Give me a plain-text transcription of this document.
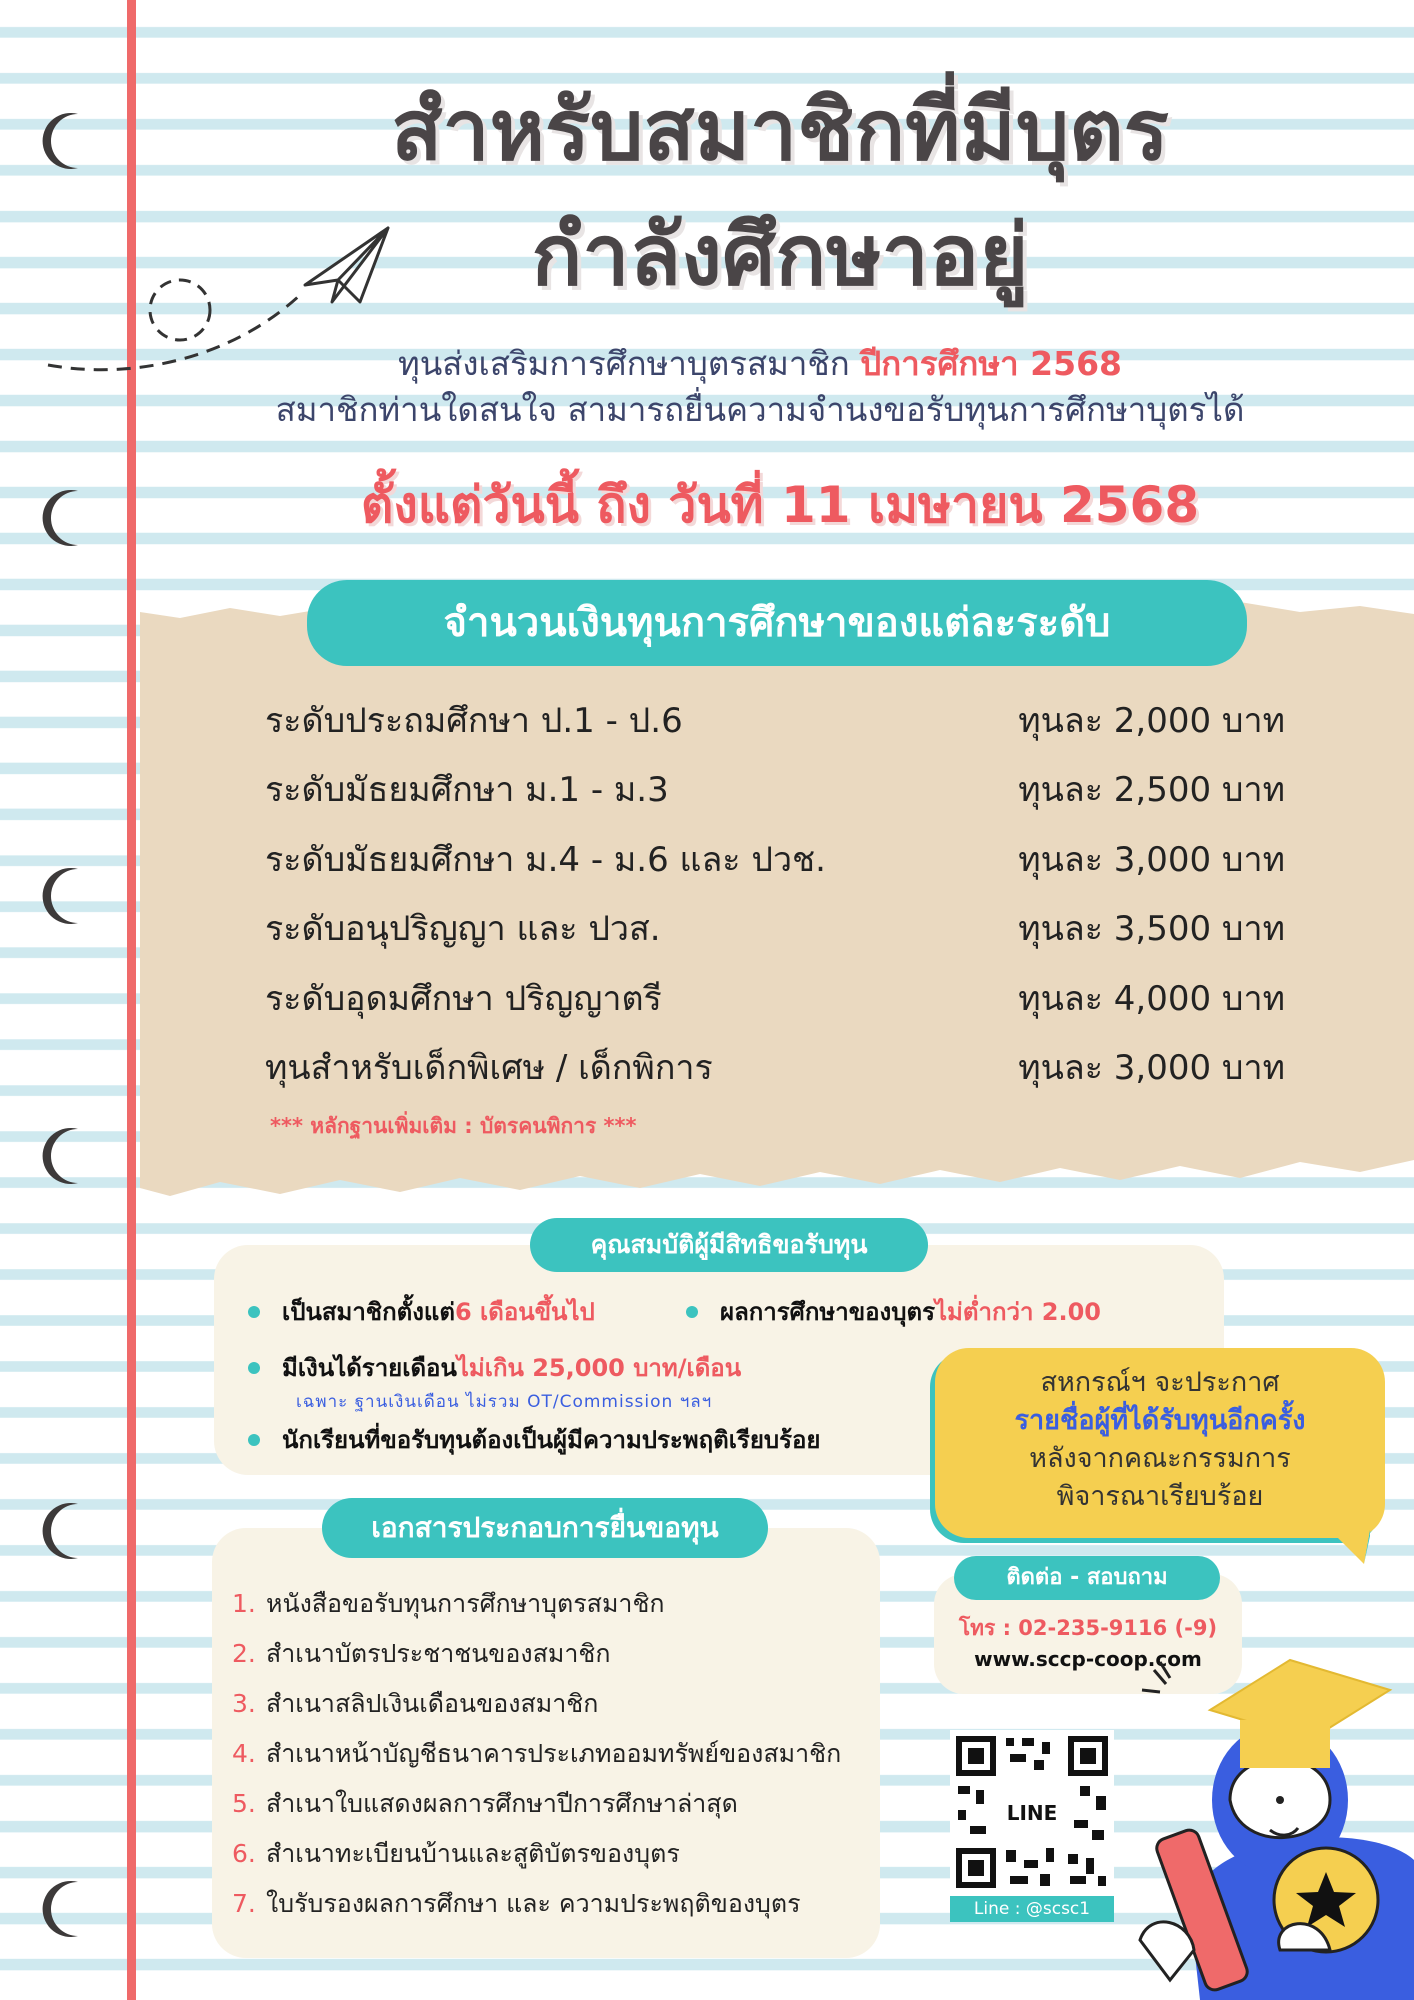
สำหรับสมาชิกที่มีบุตร
กำลังศึกษาอยู่
ทุนส่งเสริมการศึกษาบุตรสมาชิก ปีการศึกษา 2568
สมาชิกท่านใดสนใจ สามารถยื่นความจำนงขอรับทุนการศึกษาบุตรได้
ตั้งแต่วันนี้ ถึง วันที่ 11 เมษายน 2568
จำนวนเงินทุนการศึกษาของแต่ละระดับ
ระดับประถมศึกษา ป.1 - ป.6	ทุนละ 2,000 บาท
ระดับมัธยมศึกษา ม.1 - ม.3	ทุนละ 2,500 บาท
ระดับมัธยมศึกษา ม.4 - ม.6 และ ปวช.	ทุนละ 3,000 บาท
ระดับอนุปริญญา และ ปวส.	ทุนละ 3,500 บาท
ระดับอุดมศึกษา ปริญญาตรี	ทุนละ 4,000 บาท
ทุนสำหรับเด็กพิเศษ / เด็กพิการ	ทุนละ 3,000 บาท
*** หลักฐานเพิ่มเติม : บัตรคนพิการ ***
คุณสมบัติผู้มีสิทธิขอรับทุน
เป็นสมาชิกตั้งแต่ 6 เดือนขึ้นไป	ผลการศึกษาของบุตร ไม่ต่ำกว่า 2.00
มีเงินได้รายเดือน ไม่เกิน 25,000 บาท/เดือน
เฉพาะ ฐานเงินเดือน ไม่รวม OT/Commission ฯลฯ
นักเรียนที่ขอรับทุนต้องเป็นผู้มีความประพฤติเรียบร้อย
สหกรณ์ฯ จะประกาศ
รายชื่อผู้ที่ได้รับทุนอีกครั้ง
หลังจากคณะกรรมการ
พิจารณาเรียบร้อย
เอกสารประกอบการยื่นขอทุน
1. หนังสือขอรับทุนการศึกษาบุตรสมาชิก
2. สำเนาบัตรประชาชนของสมาชิก
3. สำเนาสลิปเงินเดือนของสมาชิก
4. สำเนาหน้าบัญชีธนาคารประเภทออมทรัพย์ของสมาชิก
5. สำเนาใบแสดงผลการศึกษาปีการศึกษาล่าสุด
6. สำเนาทะเบียนบ้านและสูติบัตรของบุตร
7. ใบรับรองผลการศึกษา และ ความประพฤติของบุตร
ติดต่อ - สอบถาม
โทร : 02-235-9116 (-9)
www.sccp-coop.com
LINE
Line : @scsc1
